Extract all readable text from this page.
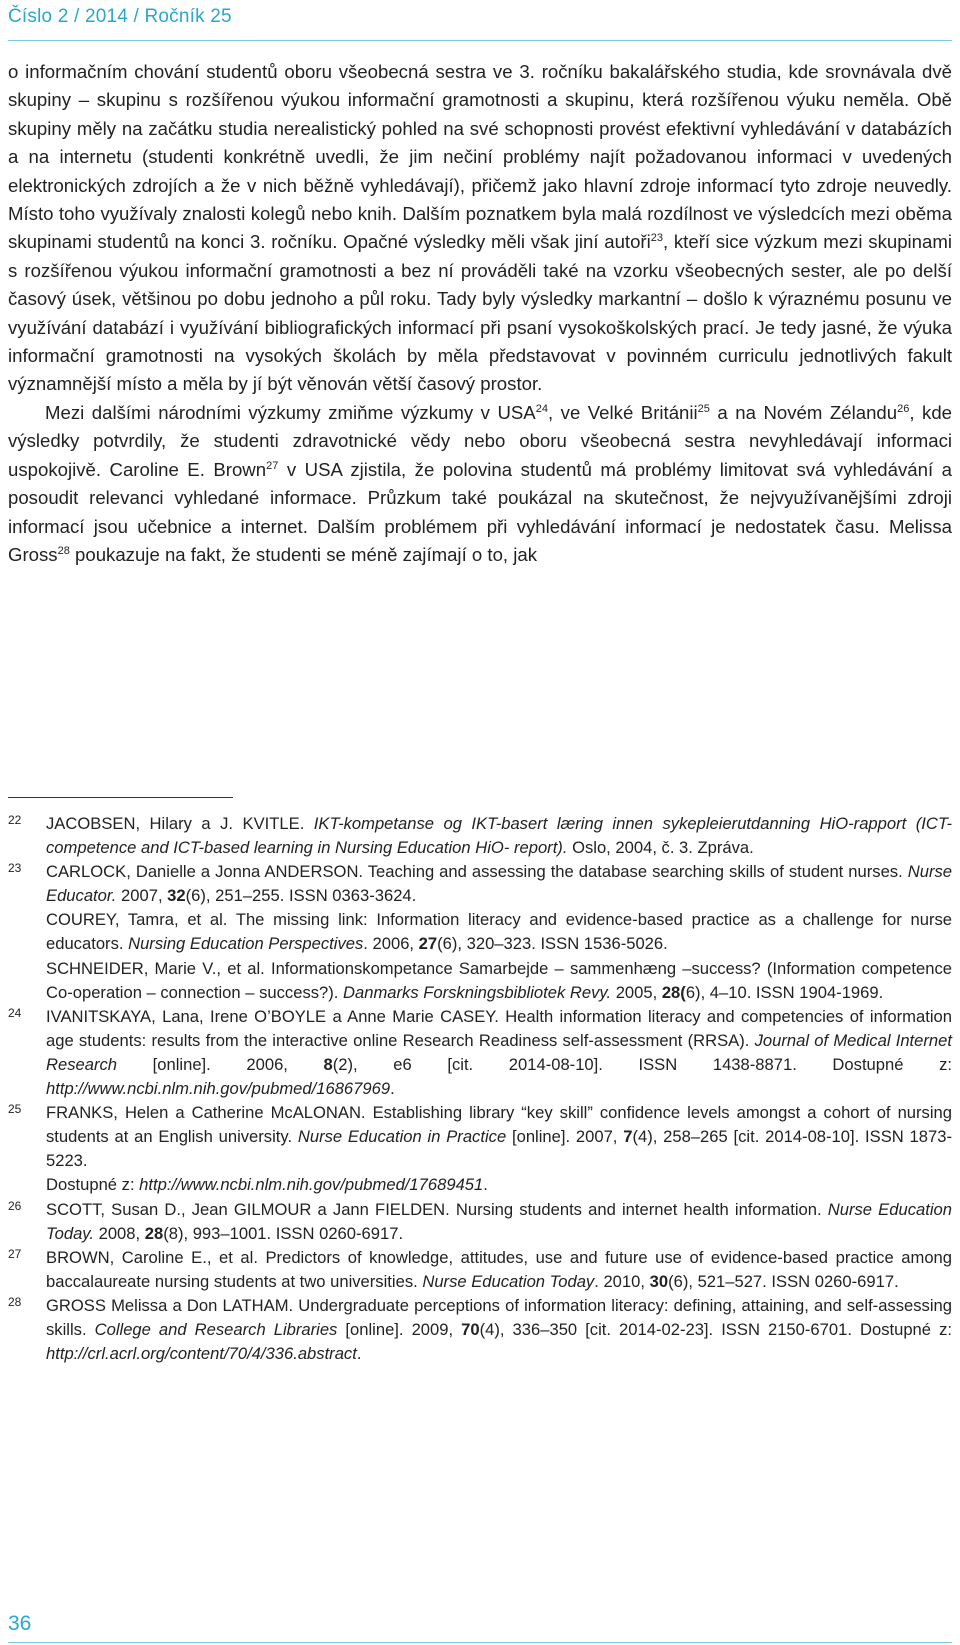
Číslo 2 / 2014 / Ročník 25

o informačním chování studentů oboru všeobecná sestra ve 3. ročníku bakalářského studia, kde srovnávala dvě skupiny – skupinu s rozšířenou výukou informační gramotnosti a skupinu, která rozšířenou výuku neměla. Obě skupiny měly na začátku studia nerealistický pohled na své schopnosti provést efektivní vyhledávání v databázích a na internetu (studenti konkrétně uvedli, že jim nečiní problémy najít požadovanou informaci v uvedených elektronických zdrojích a že v nich běžně vyhledávají), přičemž jako hlavní zdroje informací tyto zdroje neuvedly. Místo toho využívaly znalosti kolegů nebo knih. Dalším poznatkem byla malá rozdílnost ve výsledcích mezi oběma skupinami studentů na konci 3. ročníku. Opačné výsledky měli však jiní autoři$^{23}$, kteří sice výzkum mezi skupinami s rozšířenou výukou informační gramotnosti a bez ní prováděli také na vzorku všeobecných sester, ale po delší časový úsek, většinou po dobu jednoho a půl roku. Tady byly výsledky markantní – došlo k výraznému posunu ve využívání databází i využívání bibliografických informací při psaní vysokoškolských prací. Je tedy jasné, že výuka informační gramotnosti na vysokých školách by měla představovat v povinném curriculu jednotlivých fakult významnější místo a měla by jí být věnován větší časový prostor.

Mezi dalšími národními výzkumy zmiňme výzkumy v USA$^{24}$, ve Velké Británii$^{25}$ a na Novém Zélandu$^{26}$, kde výsledky potvrdily, že studenti zdravotnické vědy nebo oboru všeobecná sestra nevyhledávají informaci uspokojivě. Caroline E. Brown$^{27}$ v USA zjistila, že polovina studentů má problémy limitovat svá vyhledávání a posoudit relevanci vyhledané informace. Průzkum také poukázal na skutečnost, že nejvyužívanějšími zdroji informací jsou učebnice a internet. Dalším problémem při vyhledávání informací je nedostatek času. Melissa Gross$^{28}$ poukazuje na fakt, že studenti se méně zajímají o to, jak

22	JACOBSEN, Hilary a J. KVITLE. IKT-kompetanse og IKT-basert læring innen sykepleierutdanning HiO-rapport (ICT-competence and ICT-based learning in Nursing Education HiO- report). Oslo, 2004, č. 3. Zpráva.
23	CARLOCK, Danielle a Jonna ANDERSON. Teaching and assessing the database searching skills of student nurses. Nurse Educator. 2007, 32(6), 251–255. ISSN 0363-3624.
COUREY, Tamra, et al. The missing link: Information literacy and evidence-based practice as a challenge for nurse educators. Nursing Education Perspectives. 2006, 27(6), 320–323. ISSN 1536-5026.
SCHNEIDER, Marie V., et al. Informationskompetance Samarbejde – sammenhæng –success? (Information competence Co-operation – connection – success?). Danmarks Forskningsbibliotek Revy. 2005, 28(6), 4–10. ISSN 1904-1969.
24	IVANITSKAYA, Lana, Irene O’BOYLE a Anne Marie CASEY. Health information literacy and competencies of information age students: results from the interactive online Research Readiness self-assessment (RRSA). Journal of Medical Internet Research [online]. 2006, 8(2), e6 [cit. 2014-08-10]. ISSN 1438-8871. Dostupné z: http://www.ncbi.nlm.nih.gov/pubmed/16867969.
25	FRANKS, Helen a Catherine McALONAN. Establishing library “key skill” confidence levels amongst a cohort of nursing students at an English university. Nurse Education in Practice [online]. 2007, 7(4), 258–265 [cit. 2014-08-10]. ISSN 1873-5223.
Dostupné z: http://www.ncbi.nlm.nih.gov/pubmed/17689451.
26	SCOTT, Susan D., Jean GILMOUR a Jann FIELDEN. Nursing students and internet health information. Nurse Education Today. 2008, 28(8), 993–1001. ISSN 0260-6917.
27	BROWN, Caroline E., et al. Predictors of knowledge, attitudes, use and future use of evidence-based practice among baccalaureate nursing students at two universities. Nurse Education Today. 2010, 30(6), 521–527. ISSN 0260-6917.
28	GROSS Melissa a Don LATHAM. Undergraduate perceptions of information literacy: defining, attaining, and self-assessing skills. College and Research Libraries [online]. 2009, 70(4), 336–350 [cit. 2014-02-23]. ISSN 2150-6701. Dostupné z: http://crl.acrl.org/content/70/4/336.abstract.
36
